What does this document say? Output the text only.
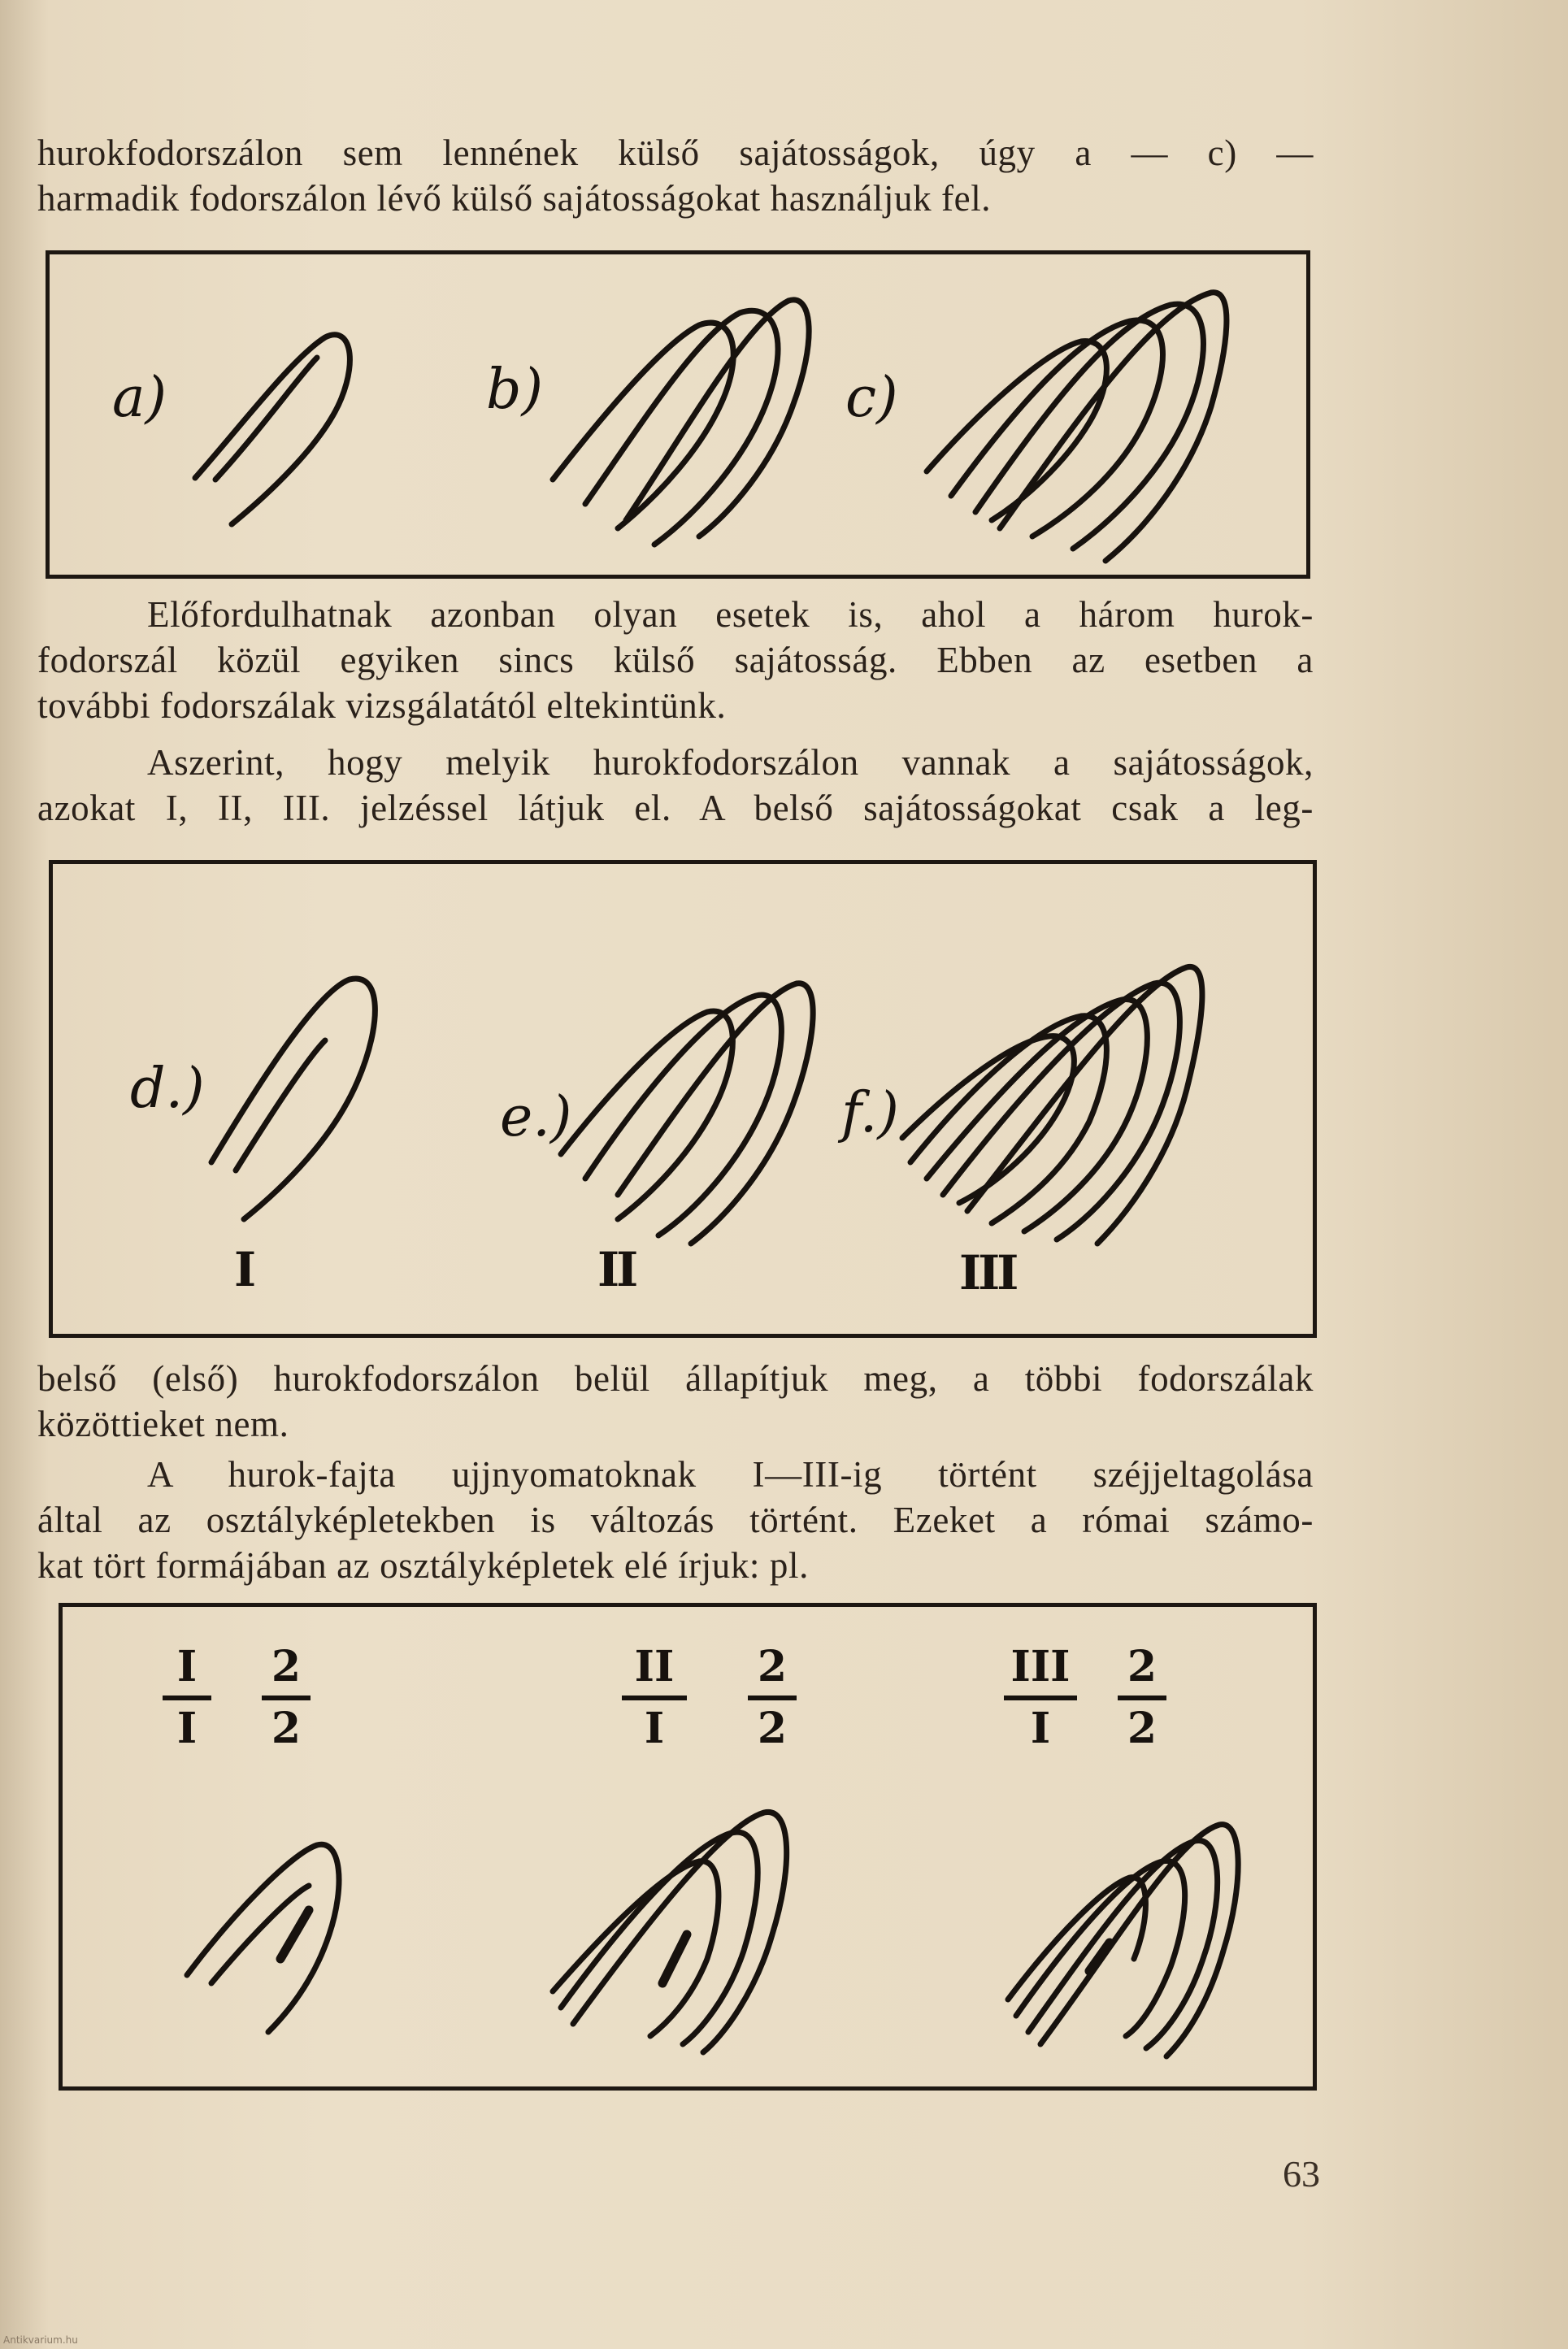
hurokfodorszálon sem lennének külső sajátosságok, úgy a — c) —

harmadik fodorszálon lévő külső sajátosságokat használjuk fel.

a)	b)	c)

Előfordulhatnak azonban olyan esetek is, ahol a három hurok-

fodorszál közül egyiken sincs külső sajátosság. Ebben az esetben a

további fodorszálak vizsgálatától eltekintünk.

Aszerint, hogy melyik hurokfodorszálon vannak a sajátosságok,

azokat I, II, III. jelzéssel látjuk el. A belső sajátosságokat csak a leg-

d.)	e.)	f.)
I	II	III

belső (első) hurokfodorszálon belül állapítjuk meg, a többi fodorszálak

közöttieket nem.

A hurok-fajta ujjnyomatoknak I—III-ig történt széjjeltagolása

által az osztályképletekben is változás történt. Ezeket a római számo-

kat tört formájában az osztályképletek elé írjuk: pl.

I
I
2
2
II
I
2
2
III
I
2
2
63
Antikvarium.hu
